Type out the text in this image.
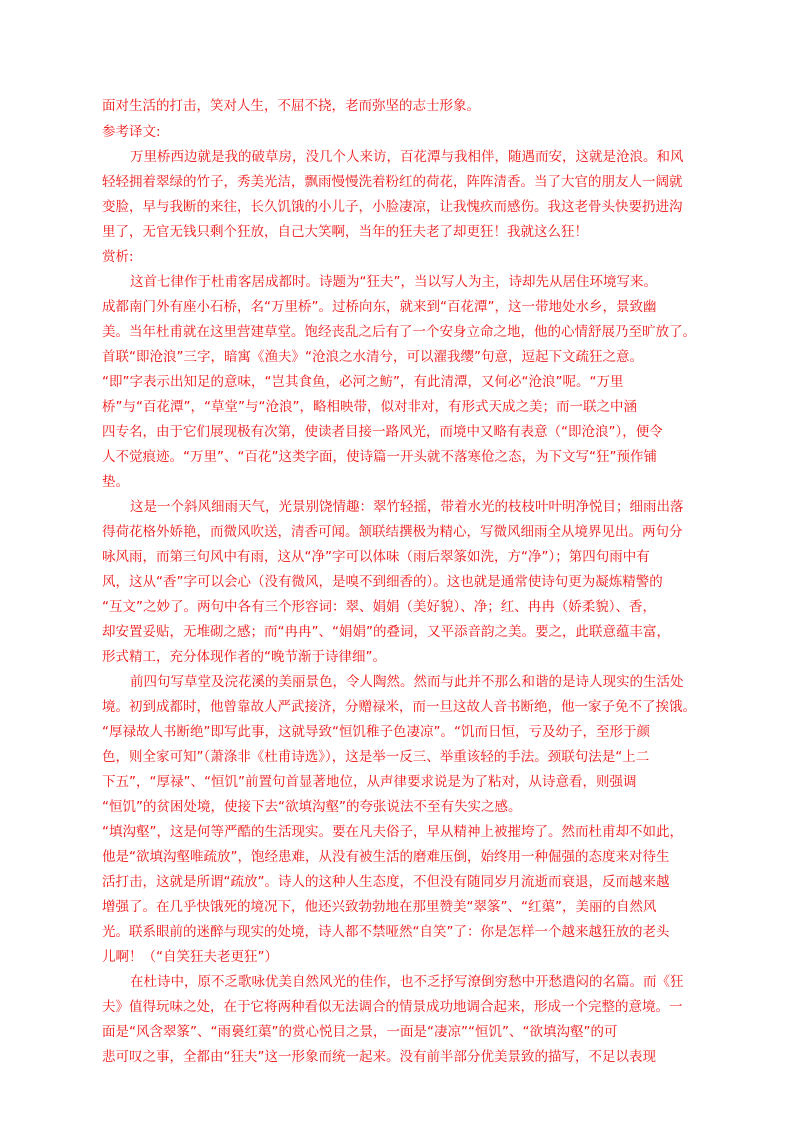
面对生活的打击，笑对人生，不屈不挠，老而弥坚的志士形象。
参考译文:
万里桥西边就是我的破草房，没几个人来访，百花潭与我相伴，随遇而安，这就是沧浪。和风
轻轻拥着翠绿的竹子，秀美光洁，飘雨慢慢洗着粉红的荷花，阵阵清香。当了大官的朋友人一阔就
变脸，早与我断的来往，长久饥饿的小儿子，小脸凄凉，让我愧疚而感伤。我这老骨头快要扔进沟
里了，无官无钱只剩个狂放，自己大笑啊，当年的狂夫老了却更狂！我就这么狂！
赏析:
这首七律作于杜甫客居成都时。诗题为“狂夫”，当以写人为主，诗却先从居住环境写来。
成都南门外有座小石桥，名“万里桥”。过桥向东，就来到“百花潭”，这一带地处水乡，景致幽
美。当年杜甫就在这里营建草堂。饱经丧乱之后有了一个安身立命之地，他的心情舒展乃至旷放了。
首联“即沧浪”三字，暗寓《渔夫》“沧浪之水清兮，可以濯我缨”句意，逗起下文疏狂之意。
“即”字表示出知足的意味，“岂其食鱼，必河之鲂”，有此清潭，又何必“沧浪”呢。“万里
桥”与“百花潭”，“草堂”与“沧浪”，略相映带，似对非对，有形式天成之美；而一联之中涵
四专名，由于它们展现极有次第，使读者目接一路风光，而境中又略有表意（“即沧浪”），便令
人不觉痕迹。“万里”、“百花”这类字面，使诗篇一开头就不落寒伧之态，为下文写“狂”预作铺
垫。
这是一个斜风细雨天气，光景别饶情趣：翠竹轻摇，带着水光的枝枝叶叶明净悦目；细雨出落
得荷花格外娇艳，而微风吹送，清香可闻。颔联结撰极为精心，写微风细雨全从境界见出。两句分
咏风雨，而第三句风中有雨，这从“净”字可以体味（雨后翠筿如洗，方“净”）；第四句雨中有
风，这从“香”字可以会心（没有微风，是嗅不到细香的）。这也就是通常使诗句更为凝炼精警的
“互文”之妙了。两句中各有三个形容词：翠、娟娟（美好貌）、净；红、冉冉（娇柔貌）、香，
却安置妥贴，无堆砌之感；而“冉冉”、“娟娟”的叠词，又平添音韵之美。要之，此联意蕴丰富，
形式精工，充分体现作者的“晚节渐于诗律细”。
前四句写草堂及浣花溪的美丽景色，令人陶然。然而与此并不那么和谐的是诗人现实的生活处
境。初到成都时，他曾靠故人严武接济，分赠禄米，而一旦这故人音书断绝，他一家子免不了挨饿。
“厚禄故人书断绝”即写此事，这就导致“恒饥稚子色凄凉”。“饥而日恒，亏及幼子，至形于颜
色，则全家可知”（萧涤非《杜甫诗选》），这是举一反三、举重该轻的手法。颈联句法是“上二
下五”，“厚禄”、“恒饥”前置句首显著地位，从声律要求说是为了粘对，从诗意看，则强调
“恒饥”的贫困处境，使接下去“欲填沟壑”的夸张说法不至有失实之感。
“填沟壑”，这是何等严酷的生活现实。要在凡夫俗子，早从精神上被摧垮了。然而杜甫却不如此，
他是“欲填沟壑唯疏放”，饱经患难，从没有被生活的磨难压倒，始终用一种倔强的态度来对待生
活打击，这就是所谓“疏放”。诗人的这种人生态度，不但没有随同岁月流逝而衰退，反而越来越
增强了。在几乎快饿死的境况下，他还兴致勃勃地在那里赞美“翠筿”、“红蕖”，美丽的自然风
光。联系眼前的迷醉与现实的处境，诗人都不禁哑然“自笑”了：你是怎样一个越来越狂放的老头
儿啊！（“自笑狂夫老更狂”）
在杜诗中，原不乏歌咏优美自然风光的佳作，也不乏抒写潦倒穷愁中开愁遣闷的名篇。而《狂
夫》值得玩味之处，在于它将两种看似无法调合的情景成功地调合起来，形成一个完整的意境。一
面是“风含翠筿”、“雨裛红蕖”的赏心悦目之景，一面是“凄凉”“恒饥”、“欲填沟壑”的可
悲可叹之事，全都由“狂夫”这一形象而统一起来。没有前半部分优美景致的描写，不足以表现
